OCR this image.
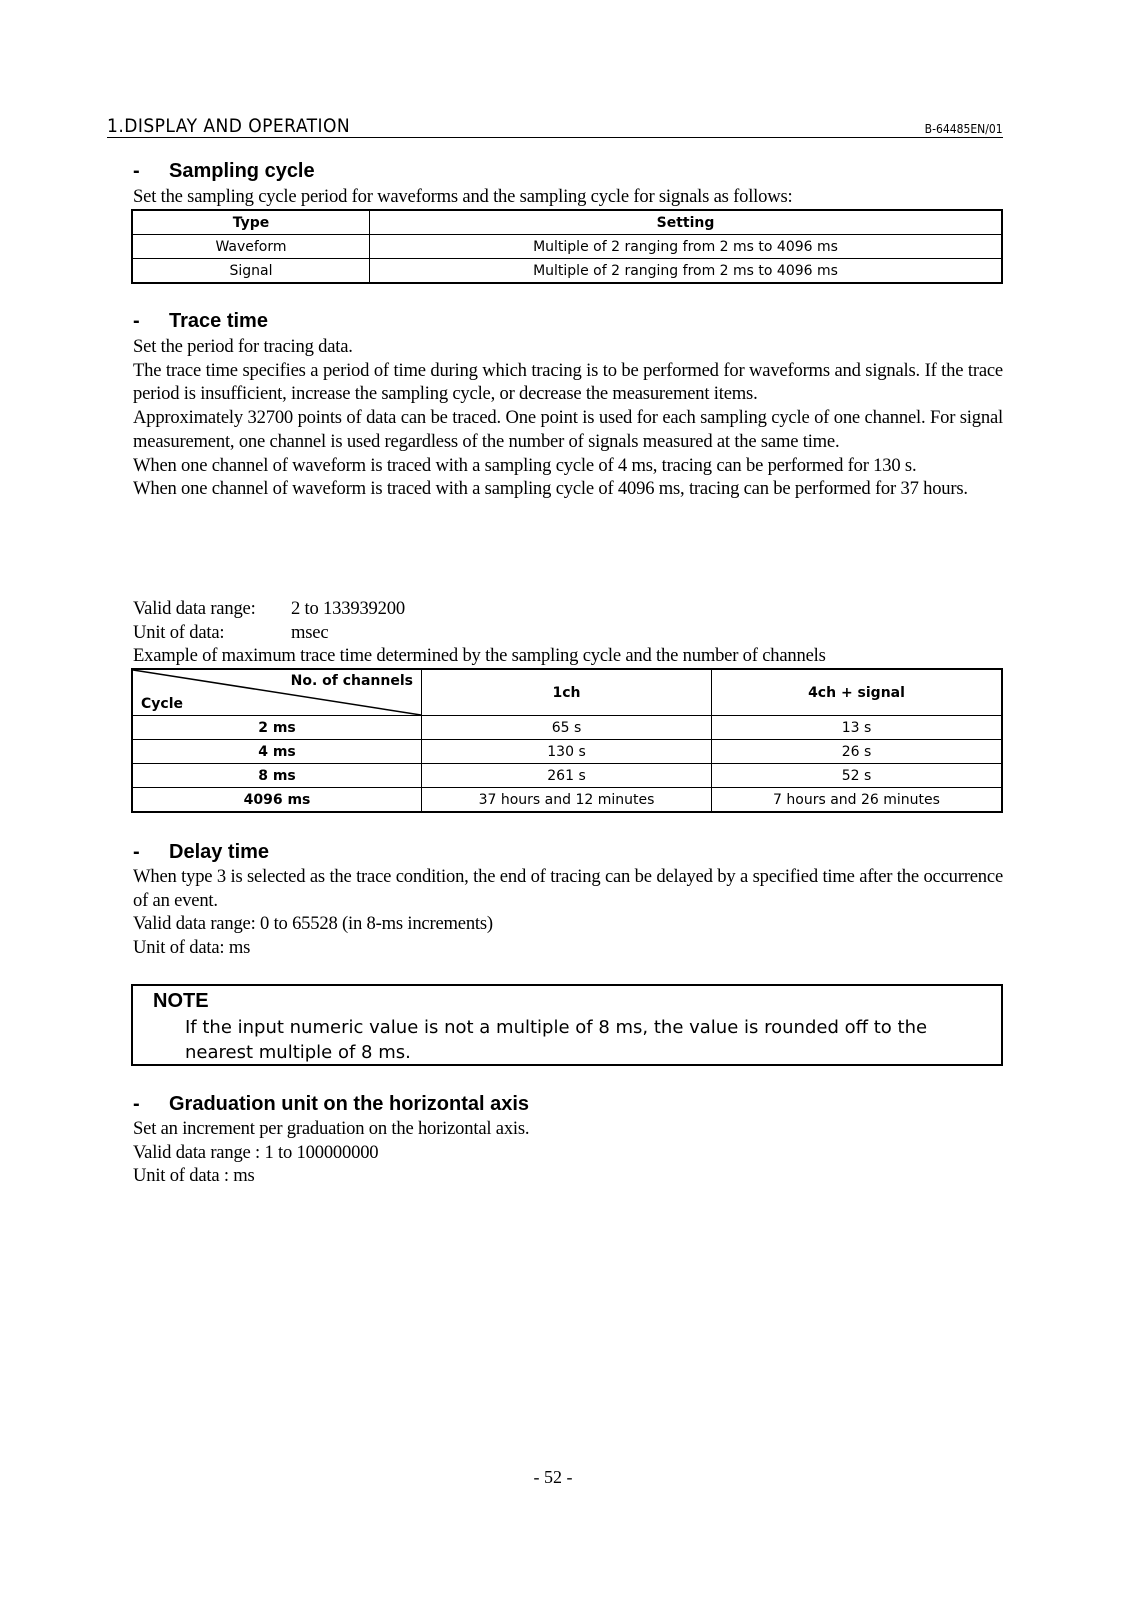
1.DISPLAY AND OPERATION	B-64485EN/01
- Sampling cycle

Set the sampling cycle period for waveforms and the sampling cycle for signals as follows:

Type	Setting
Waveform	Multiple of 2 ranging from 2 ms to 4096 ms
Signal	Multiple of 2 ranging from 2 ms to 4096 ms
- Trace time

Set the period for tracing data.

The trace time specifies a period of time during which tracing is to be performed for waveforms and signals. If the trace period is insufficient, increase the sampling cycle, or decrease the measurement items.

Approximately 32700 points of data can be traced. One point is used for each sampling cycle of one channel. For signal measurement, one channel is used regardless of the number of signals measured at the same time.

When one channel of waveform is traced with a sampling cycle of 4 ms, tracing can be performed for 130 s.

When one channel of waveform is traced with a sampling cycle of 4096 ms, tracing can be performed for 37 hours.

Valid data range: 2 to 133939200

Unit of data:	msec

Example of maximum trace time determined by the sampling cycle and the number of channels

No. of channels
Cycle	1ch	4ch + signal
2 ms	65 s	13 s
4 ms	130 s	26 s
8 ms	261 s	52 s
4096 ms	37 hours and 12 minutes	7 hours and 26 minutes
- Delay time

When type 3 is selected as the trace condition, the end of tracing can be delayed by a specified time after the occurrence of an event.

Valid data range: 0 to 65528 (in 8-ms increments)

Unit of data: ms

NOTE
If the input numeric value is not a multiple of 8 ms, the value is rounded off to the nearest multiple of 8 ms.
- Graduation unit on the horizontal axis

Set an increment per graduation on the horizontal axis.

Valid data range : 1 to 100000000

Unit of data : ms

- 52 -
